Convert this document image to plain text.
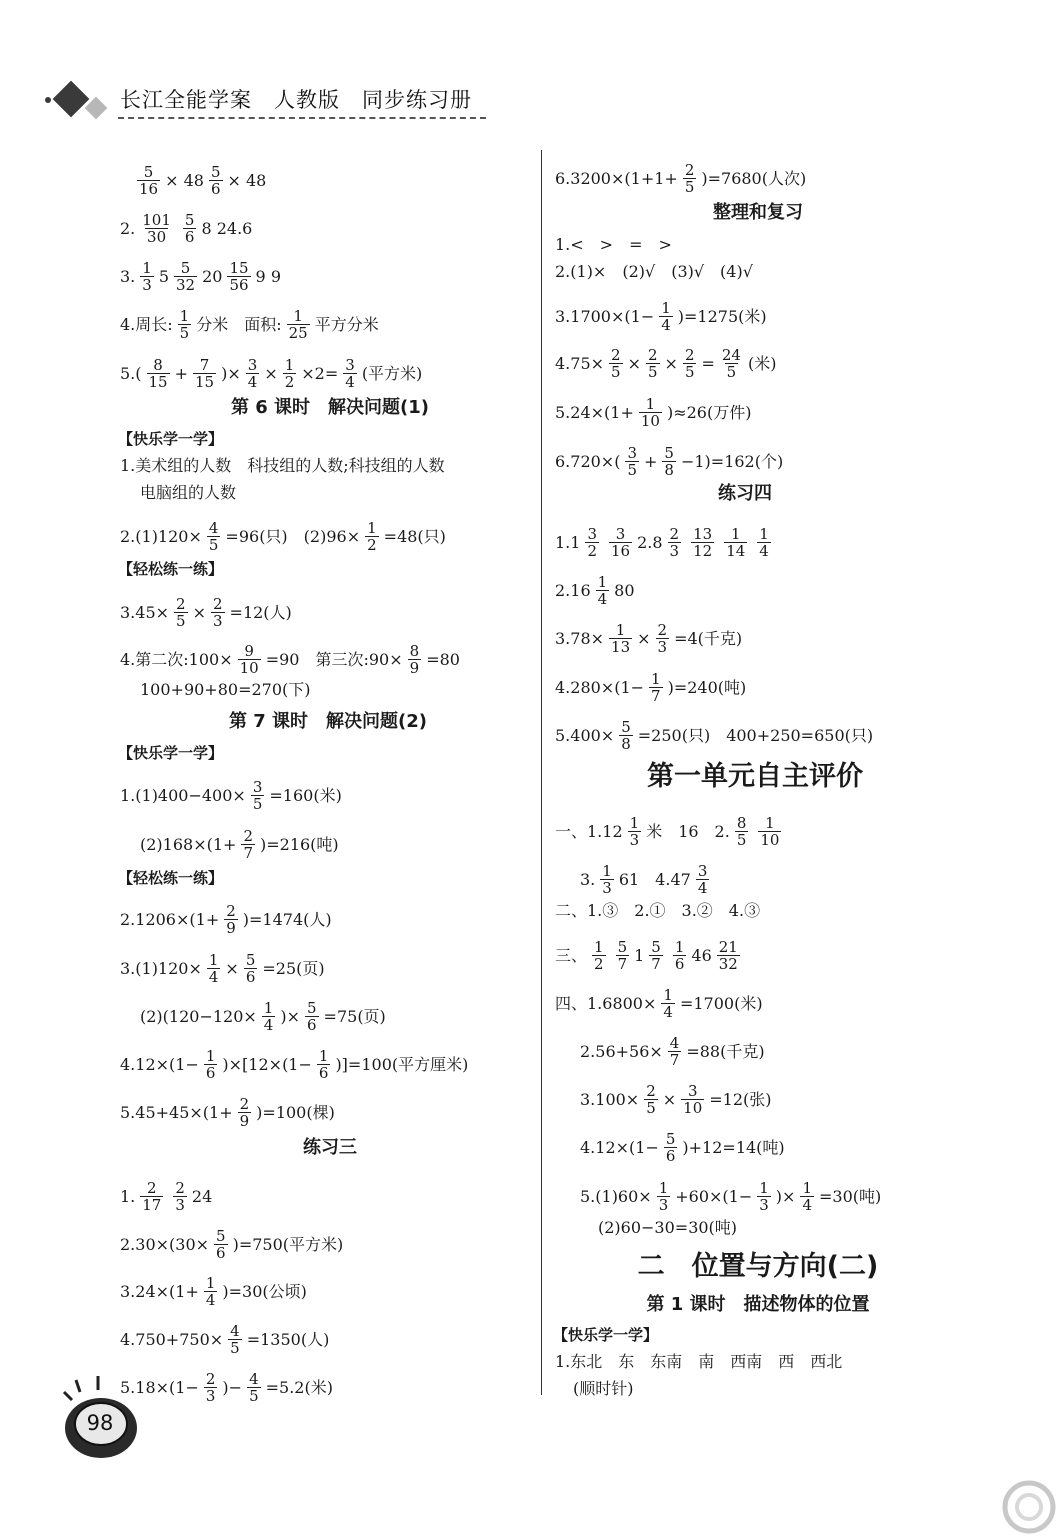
长江全能学案　人教版　同步练习册
$\frac{5}{16} \times 48 \frac{5}{6} \times 48$
2. $\frac{101}{30} \frac{5}{6} 8$ 24.6
3. $\frac{1}{3} 5 \frac{5}{32} 20 \frac{15}{56} 9$ 9
4.周长: $\frac{1}{5}$ 分米　面积: $\frac{1}{25}$ 平方分米
$5.( \frac{8}{15} + \frac{7}{15}$ )× $\frac{3}{4} \times \frac{1}{2} \times 2= \frac{3}{4}$ (平方米)
第 6 课时　解决问题(1)
【快乐学一学】
1.美术组的人数　科技组的人数;科技组的人数
电脑组的人数
$2.(1)120\times \frac{4}{5} =96$(只)　$(2)96\times \frac{1}{2} =48$(只)
【轻松练一练】
$3.45\times \frac{2}{5} \times \frac{2}{3} =12$(人)
4.第二次:100× $\frac{9}{10} =90$　第三次:90× $\frac{8}{9} =80$
100+90+80=270(下)
第 7 课时　解决问题(2)
【快乐学一学】
$1.(1)400-400\times \frac{3}{5} =160$(米)
$(2)168\times(1+ \frac{2}{7} )=216$(吨)
【轻松练一练】
$2.1206\times(1+ \frac{2}{9} )=1474$(人)
$3.(1)120\times \frac{1}{4} \times \frac{5}{6} =25$(页)
$(2)(120-120\times \frac{1}{4}$ )× $\frac{5}{6} =75$(页)
$4.12\times(1- \frac{1}{6} )\times[12\times(1- \frac{1}{6} )]=100$(平方厘米)
$5.45+45\times(1+ \frac{2}{9} )=100$(棵)
练习三
1. $\frac{2}{17} \frac{2}{3} 24$
$2.30\times(30\times \frac{5}{6} )=750$(平方米)
$3.24\times(1+ \frac{1}{4} )=30$(公顷)
$4.750+750\times \frac{4}{5} =1350$(人)
$5.18\times(1- \frac{2}{3}$ )− $\frac{4}{5} =5.2$(米)
$6.3200\times(1+1+ \frac{2}{5} )=7680$(人次)
整理和复习
1.<　>　=　>
2.(1)×　(2)√　(3)√　(4)√
$3.1700\times(1- \frac{1}{4} )=1275$(米)
$4.75\times \frac{2}{5} \times \frac{2}{5} \times \frac{2}{5} = \frac{24}{5}$ (米)
$5.24\times(1+ \frac{1}{10} )\approx 26$(万件)
$6.720\times( \frac{3}{5} + \frac{5}{8} -1)=162$(个)
练习四
$1.1 \frac{3}{2} \frac{3}{16} 2.8 \frac{2}{3} \frac{13}{12} \frac{1}{14} \frac{1}{4}$
$2.16 \frac{1}{4} 80$
$3.78\times \frac{1}{13} \times \frac{2}{3} =4$(千克)
$4.280\times(1- \frac{1}{7} )=240$(吨)
$5.400\times \frac{5}{8} =250$(只)　400+250=650(只)
第一单元自主评价
一、$1.12 \frac{1}{3}$ 米　16　2. $\frac{8}{5} \frac{1}{10}$
3. $\frac{1}{3} 61$　$4.47 \frac{3}{4}$
二、1.③　2.①　3.②　4.③
三、 $\frac{1}{2} \frac{5}{7} 1 \frac{5}{7} \frac{1}{6} 46 \frac{21}{32}$
四、$1.6800\times \frac{1}{4} =1700$(米)
$2.56+56\times \frac{4}{7} =88$(千克)
$3.100\times \frac{2}{5} \times \frac{3}{10} =12$(张)
$4.12\times(1- \frac{5}{6} )+12=14$(吨)
$5.(1)60\times \frac{1}{3} +60\times(1- \frac{1}{3}$ )× $\frac{1}{4} =30$(吨)
(2)60−30=30(吨)
二　位置与方向(二)
第 1 课时　描述物体的位置
【快乐学一学】
1.东北　东　东南　南　西南　西　西北
(顺时针)
98
